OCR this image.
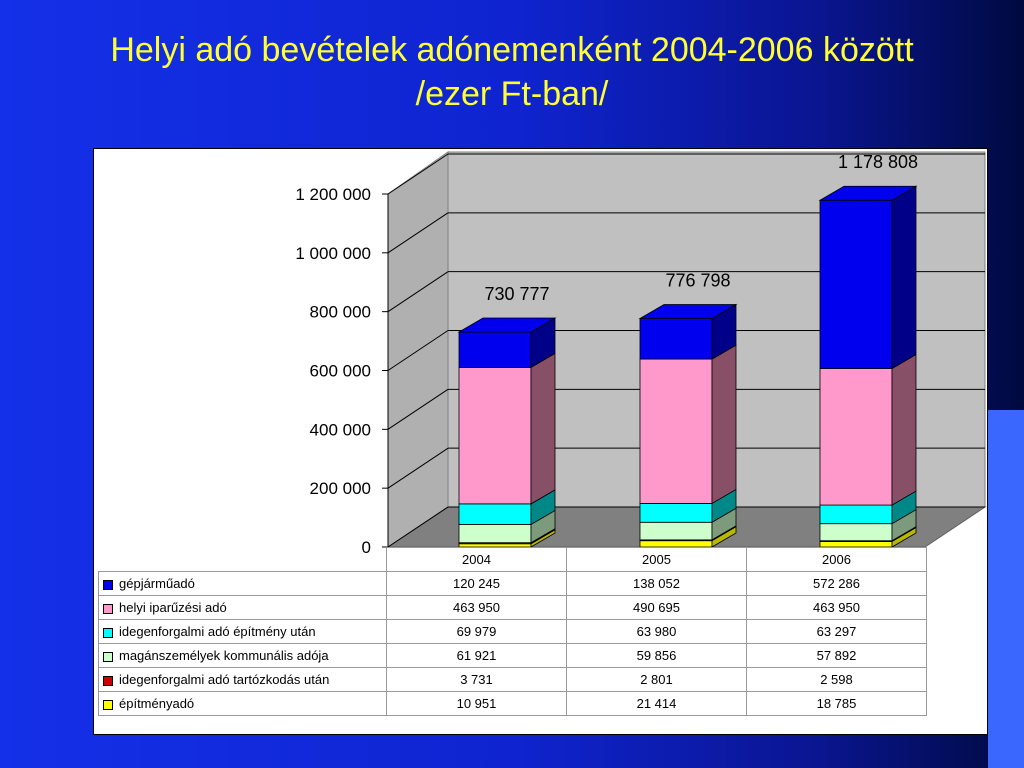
Helyi adó bevételek adónemenként 2004-2006 között
/ezer Ft-ban/
0
200 000
400 000
600 000
800 000
1 000 000
1 200 000
730 777
776 798
1 178 808
	2004	2005	2006
gépjárműadó	120 245	138 052	572 286
helyi iparűzési adó	463 950	490 695	463 950
idegenforgalmi adó építmény után	69 979	63 980	63 297
magánszemélyek kommunális adója	61 921	59 856	57 892
idegenforgalmi adó tartózkodás után	3 731	2 801	2 598
építményadó	10 951	21 414	18 785
